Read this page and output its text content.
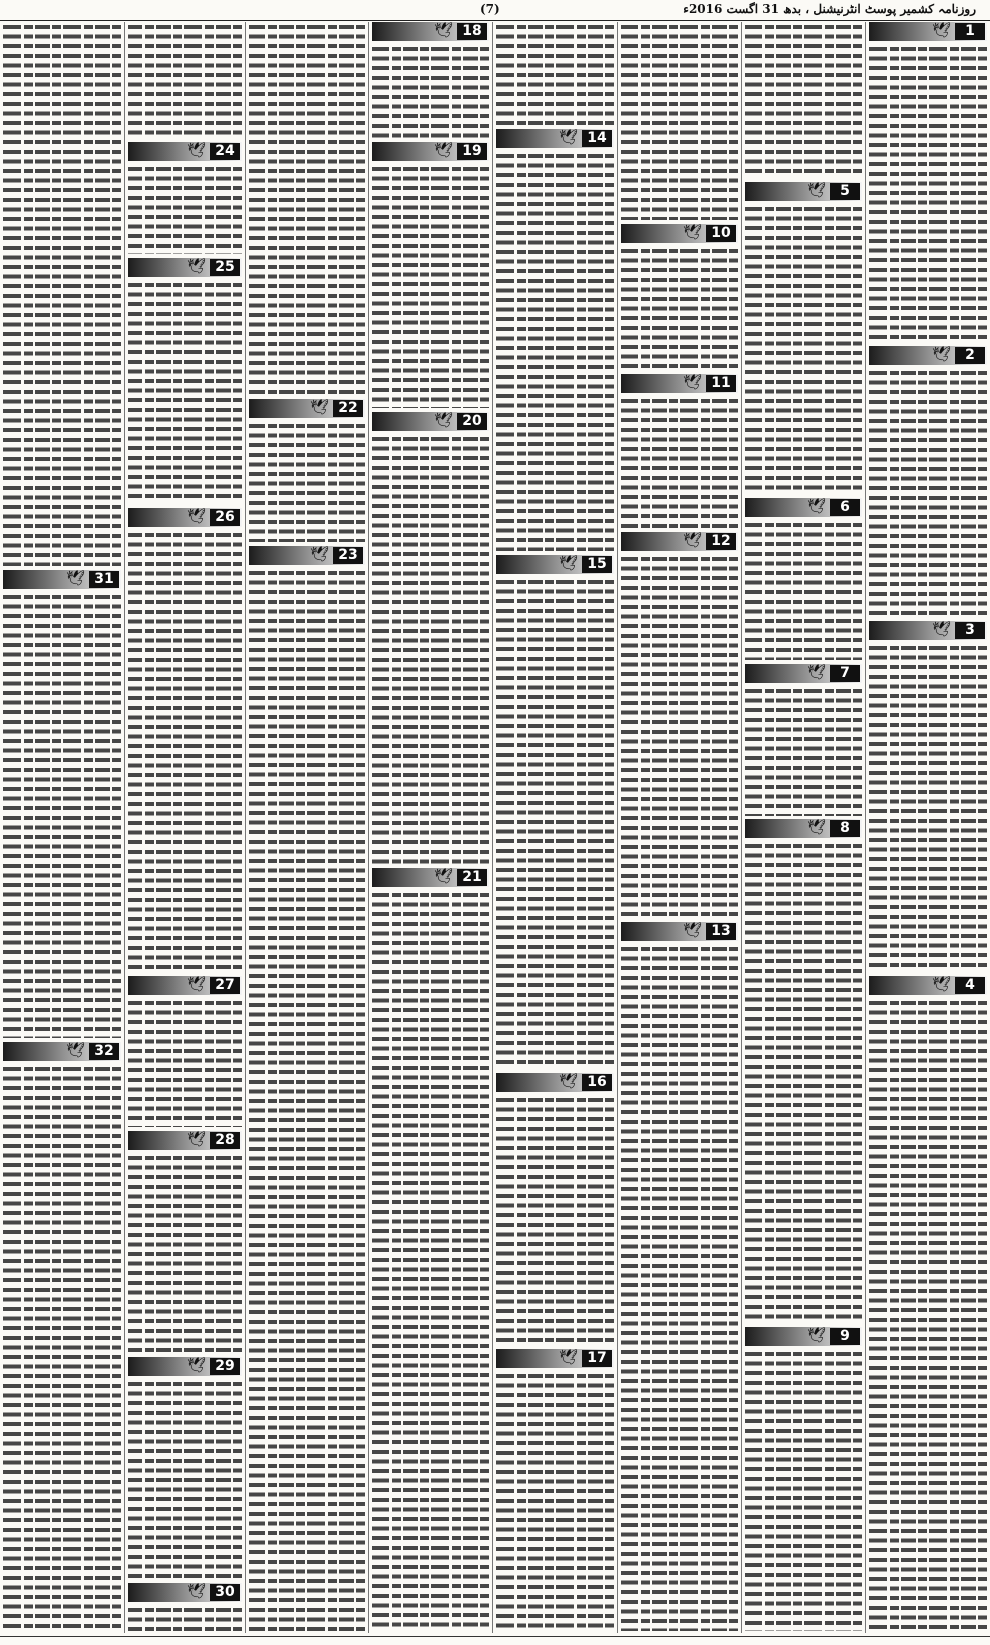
روزنامہ کشمیر پوسٹ انٹرنیشنل ، بدھ 31 اگست 2016ء
(7)
🕊	1
🕊	2
🕊	3
🕊	4
🕊	5
🕊	6
🕊	7
🕊	8
🕊	9
🕊 10
🕊 11
🕊 12
🕊 13
🕊 14
🕊 15
🕊 16
🕊 17
🕊 18
🕊 19
🕊 20
🕊 21
🕊 22
🕊 23
🕊 24
🕊 25
🕊 26
🕊 27
🕊 28
🕊 29
🕊 30
🕊 31
🕊 32
